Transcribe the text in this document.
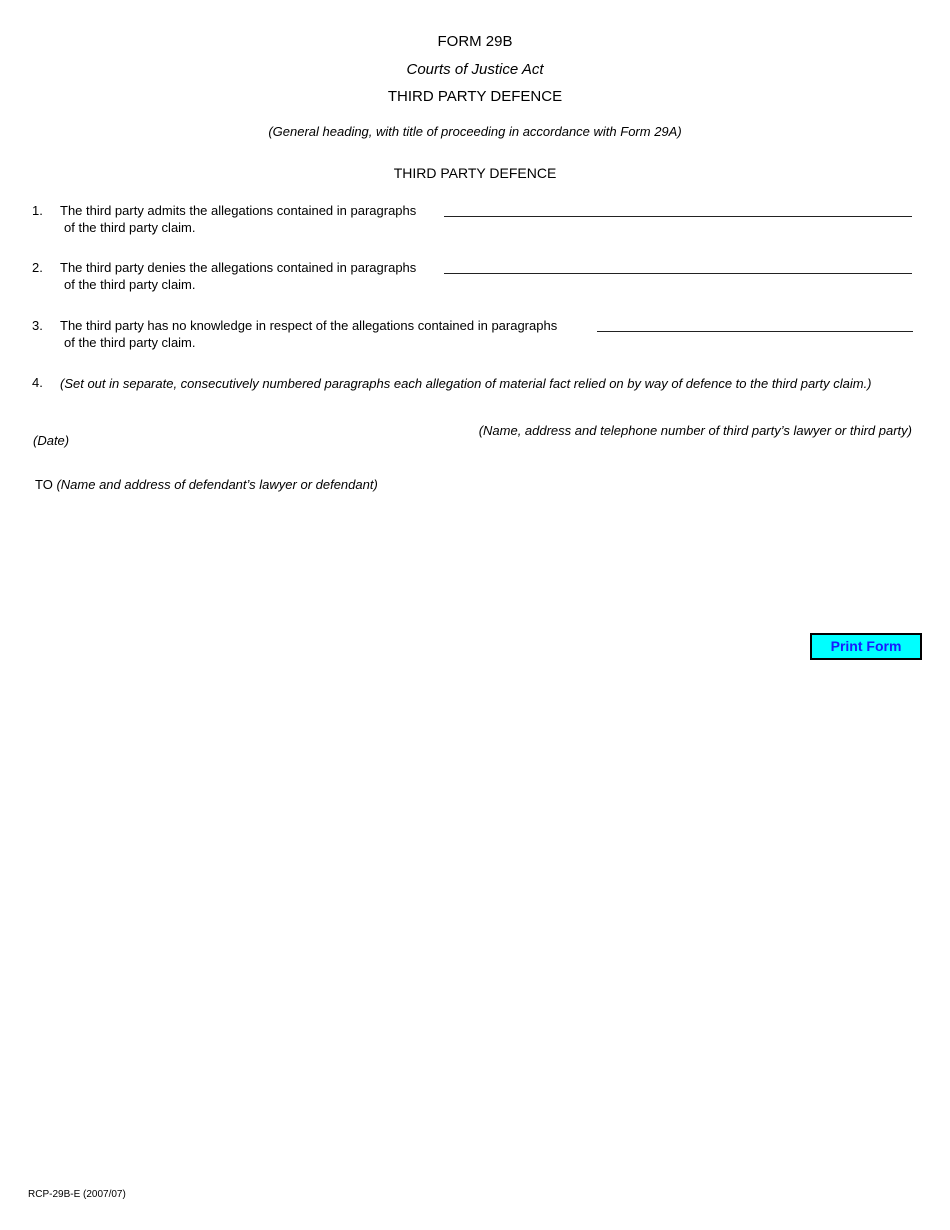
FORM 29B
Courts of Justice Act
THIRD PARTY DEFENCE
(General heading, with title of proceeding in accordance with Form 29A)
THIRD PARTY DEFENCE
1. The third party admits the allegations contained in paragraphs
of the third party claim.
2. The third party denies the allegations contained in paragraphs
of the third party claim.
3. The third party has no knowledge in respect of the allegations contained in paragraphs
of the third party claim.
4. (Set out in separate, consecutively numbered paragraphs each allegation of material fact relied on by way of defence to the third party claim.)
(Date)
(Name, address and telephone number of third party’s lawyer or third party)
TO (Name and address of defendant’s lawyer or defendant)
Print Form
RCP-29B-E (2007/07)
